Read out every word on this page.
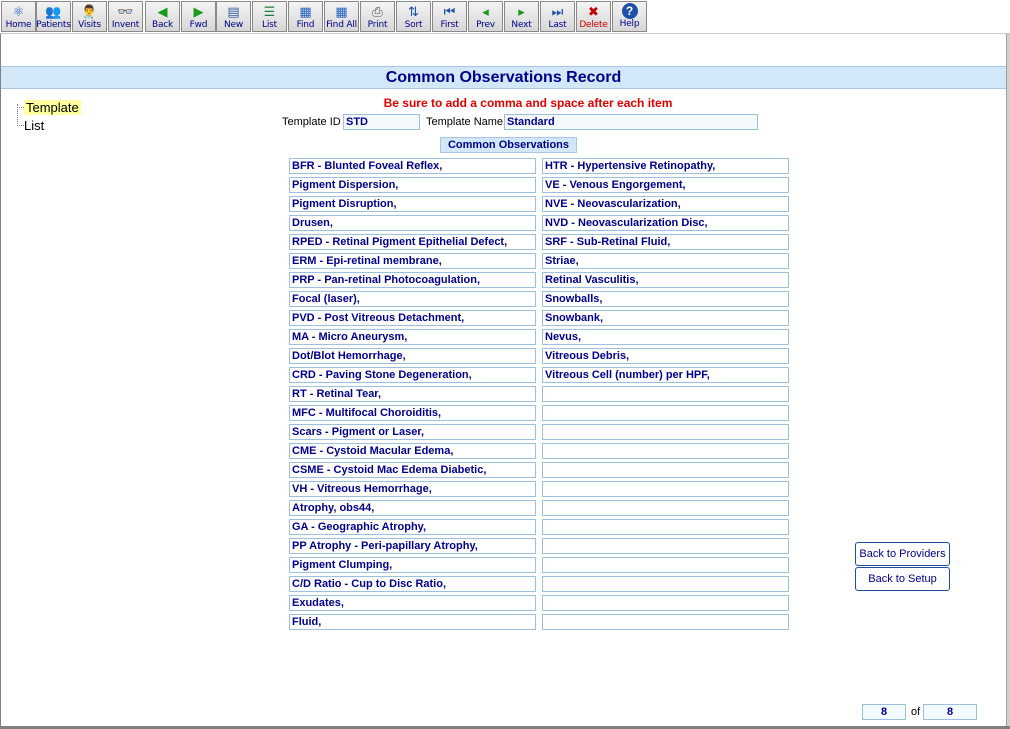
⚛
Home
👥
Patients
👨‍⚕
Visits
👓
Invent
◀
Back
▶
Fwd
▤
New
☰
List
▦
Find
▦
Find All
⎙
Print
⇅
Sort
⏮
First
◂
Prev
▸
Next
⏭
Last
✖
Delete
?
Help
Common Observations Record
Template
List
Be sure to add a comma and space after each item
Template ID STD	Template Name Standard
Common Observations
BFR - Blunted Foveal Reflex,	HTR - Hypertensive Retinopathy,
Pigment Dispersion,	VE - Venous Engorgement,
Pigment Disruption,	NVE - Neovascularization,
Drusen,	NVD - Neovascularization Disc,
RPED - Retinal Pigment Epithelial Defect,	SRF - Sub-Retinal Fluid,
ERM - Epi-retinal membrane,	Striae,
PRP - Pan-retinal Photocoagulation,	Retinal Vasculitis,
Focal (laser),	Snowballs,
PVD - Post Vitreous Detachment,	Snowbank,
MA - Micro Aneurysm,	Nevus,
Dot/Blot Hemorrhage,	Vitreous Debris,
CRD - Paving Stone Degeneration,	Vitreous Cell (number) per HPF,
RT - Retinal Tear,
MFC - Multifocal Choroiditis,
Scars - Pigment or Laser,
CME - Cystoid Macular Edema,
CSME - Cystoid Mac Edema Diabetic,
VH - Vitreous Hemorrhage,
Atrophy, obs44,
GA - Geographic Atrophy,
PP Atrophy - Peri-papillary Atrophy,
Pigment Clumping,
C/D Ratio - Cup to Disc Ratio,
Exudates,
Fluid,
Back to Providers
Back to Setup
8	of	8
